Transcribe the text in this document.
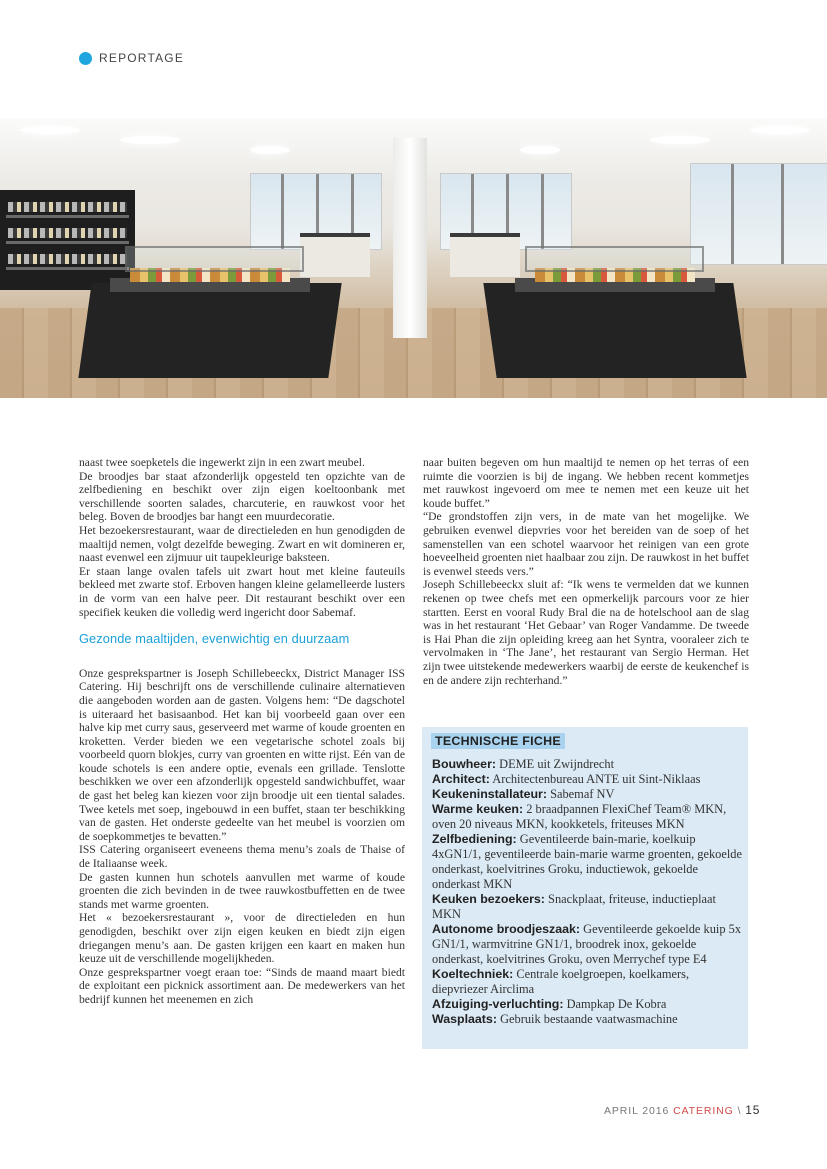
REPORTAGE

naast twee soepketels die ingewerkt zijn in een zwart meubel.

De broodjes bar staat afzonderlijk opgesteld ten opzichte van de zelfbediening en beschikt over zijn eigen koeltoonbank met verschillende soorten salades, charcuterie, en rauwkost voor het beleg. Boven de broodjes bar hangt een muurdecoratie.

Het bezoekersrestaurant, waar de directieleden en hun genodigden de maaltijd nemen, volgt dezelfde beweging. Zwart en wit domineren er, naast evenwel een zijmuur uit taupekleurige baksteen.

Er staan lange ovalen tafels uit zwart hout met kleine fauteuils bekleed met zwarte stof. Erboven hangen kleine gelamelleerde lusters in de vorm van een halve peer. Dit restaurant beschikt over een specifiek keuken die volledig werd ingericht door Sabemaf.

Gezonde maaltijden, evenwichtig en duurzaam

Onze gesprekspartner is Joseph Schillebeeckx, District Manager ISS Catering. Hij beschrijft ons de verschillende culinaire alternatieven die aangeboden worden aan de gasten. Volgens hem: “De dagschotel is uiteraard het basisaanbod. Het kan bij voorbeeld gaan over een halve kip met curry saus, geserveerd met warme of koude groenten en kroketten. Verder bieden we een vegetarische schotel zoals bij voorbeeld quorn blokjes, curry van groenten en witte rijst. Eén van de koude schotels is een andere optie, evenals een grillade. Tenslotte beschikken we over een afzonderlijk opgesteld sandwichbuffet, waar de gast het beleg kan kiezen voor zijn broodje uit een tiental salades. Twee ketels met soep, ingebouwd in een buffet, staan ter beschikking van de gasten. Het onderste gedeelte van het meubel is voorzien om de soepkommetjes te bevatten.”

ISS Catering organiseert eveneens thema menu’s zoals de Thaise of de Italiaanse week.

De gasten kunnen hun schotels aanvullen met warme of koude groenten die zich bevinden in de twee rauwkostbuffetten en de twee stands met warme groenten.

Het « bezoekersrestaurant », voor de directieleden en hun genodigden, beschikt over zijn eigen keuken en biedt zijn eigen driegangen menu’s aan. De gasten krijgen een kaart en maken hun keuze uit de verschillende mogelijkheden.

Onze gesprekspartner voegt eraan toe: “Sinds de maand maart biedt de exploitant een picknick assortiment aan. De medewerkers van het bedrijf kunnen het meenemen en zich

naar buiten begeven om hun maaltijd te nemen op het terras of een ruimte die voorzien is bij de ingang. We hebben recent kommetjes met rauwkost ingevoerd om mee te nemen met een keuze uit het koude buffet.”

“De grondstoffen zijn vers, in de mate van het mogelijke. We gebruiken evenwel diepvries voor het bereiden van de soep of het samenstellen van een schotel waarvoor het reinigen van een grote hoeveelheid groenten niet haalbaar zou zijn. De rauwkost in het buffet is evenwel steeds vers.”

Joseph Schillebeeckx sluit af: “Ik wens te vermelden dat we kunnen rekenen op twee chefs met een opmerkelijk parcours voor ze hier startten. Eerst en vooral Rudy Bral die na de hotelschool aan de slag was in het restaurant ‘Het Gebaar’ van Roger Vandamme. De tweede is Hai Phan die zijn opleiding kreeg aan het Syntra, vooraleer zich te vervolmaken in ‘The Jane’, het restaurant van Sergio Herman. Het zijn twee uitstekende medewerkers waarbij de eerste de keukenchef is en de andere zijn rechterhand.”

TECHNISCHE FICHE

Bouwheer: DEME uit Zwijndrecht

Architect: Architectenbureau ANTE uit Sint-Niklaas

Keukeninstallateur: Sabemaf NV

Warme keuken: 2 braadpannen FlexiChef Team® MKN, oven 20 niveaus MKN, kookketels, friteuses MKN

Zelfbediening: Geventileerde bain-marie, koelkuip 4xGN1/1, geventileerde bain-marie warme groenten, gekoelde onderkast, koelvitrines Groku, inductiewok, gekoelde onderkast MKN

Keuken bezoekers: Snackplaat, friteuse, inductieplaat MKN

Autonome broodjeszaak: Geventileerde gekoelde kuip 5x GN1/1, warmvitrine GN1/1, broodrek inox, gekoelde onderkast, koelvitrines Groku, oven Merrychef type E4

Koeltechniek: Centrale koelgroepen, koelkamers, diepvriezer Airclima

Afzuiging-verluchting: Dampkap De Kobra

Wasplaats: Gebruik bestaande vaatwasmachine

APRIL 2016 CATERING \ 15
